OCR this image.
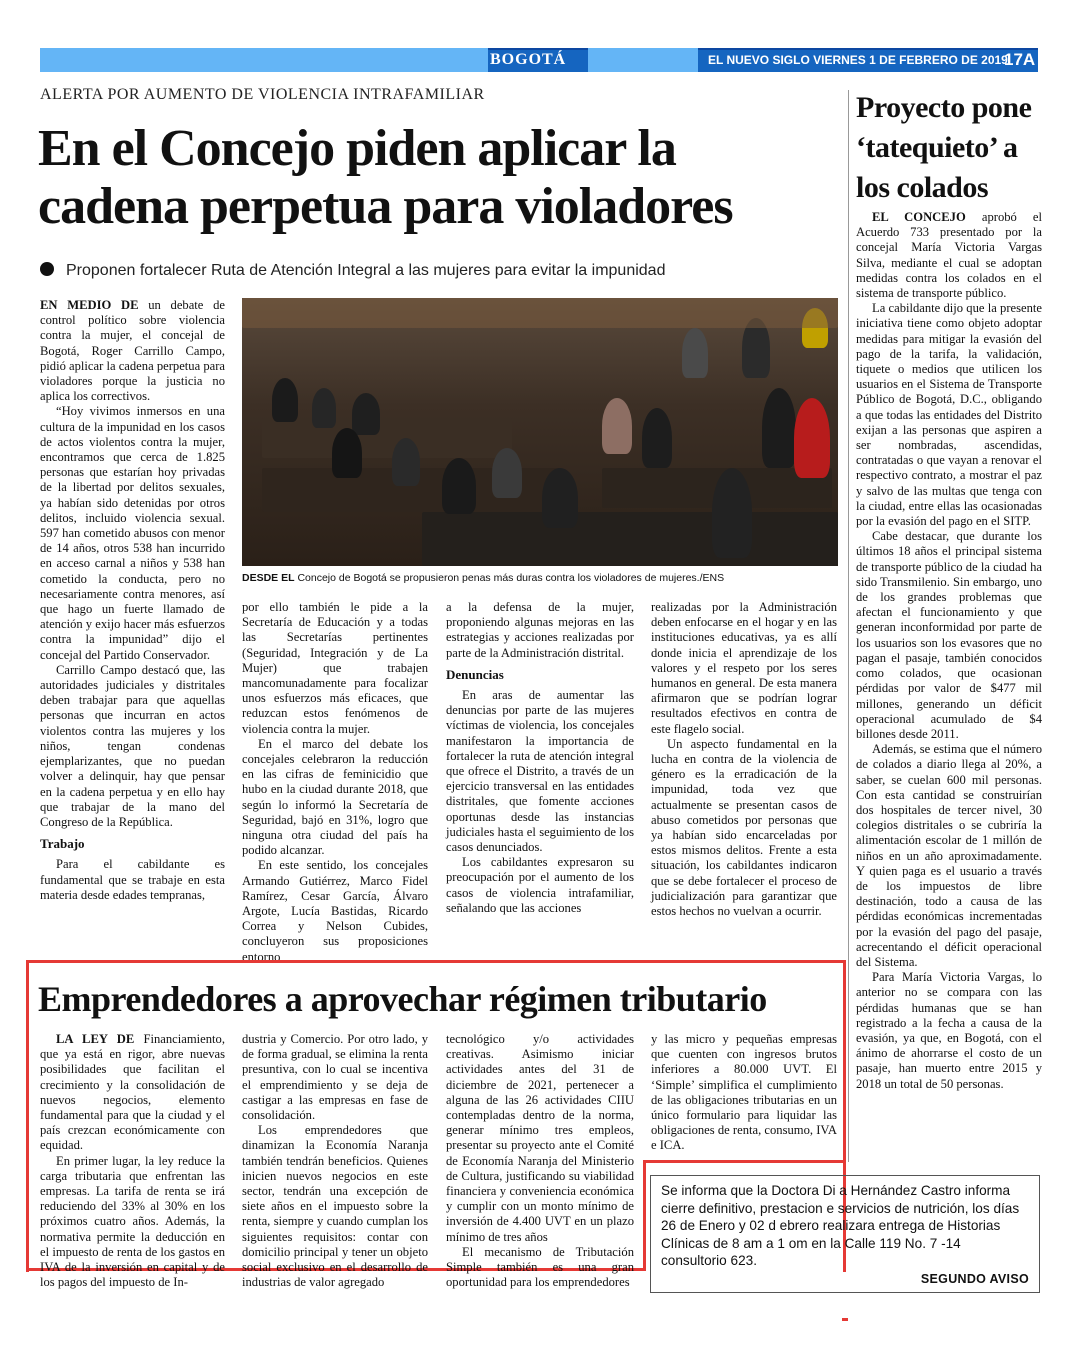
BOGOTÁ	EL NUEVO SIGLO VIERNES 1 DE FEBRERO DE 2019
17A
ALERTA POR AUMENTO DE VIOLENCIA INTRAFAMILIAR
En el Concejo piden aplicar la cadena perpetua para violadores
Proponen fortalecer Ruta de Atención Integral a las mujeres para evitar la impunidad

EN MEDIO DE un debate de control político sobre violencia contra la mujer, el concejal de Bogotá, Roger Carrillo Campo, pidió aplicar la cadena perpetua para violadores porque la justicia no aplica los correctivos.

“Hoy vivimos inmersos en una cultura de la impunidad en los casos de actos violentos contra la mujer, encontramos que cerca de 1.825 personas que estarían hoy privadas de la libertad por delitos sexuales, ya habían sido detenidas por otros delitos, incluido violencia sexual. 597 han cometido abusos con menor de 14 años, otros 538 han incurrido en acceso carnal a niños y 538 han cometido la conducta, pero no necesariamente contra menores, así que hago un fuerte llamado de atención y exijo hacer más esfuerzos contra la impunidad” dijo el concejal del Partido Conservador.

Carrillo Campo destacó que, las autoridades judiciales y distritales deben trabajar para que aquellas personas que incurran en actos violentos contra las mujeres y los niños, tengan condenas ejemplarizantes, que no puedan volver a delinquir, hay que pensar en la cadena perpetua y en ello hay que trabajar de la mano del Congreso de la República.

Trabajo

Para el cabildante es fundamental que se trabaje en esta materia desde edades tempranas,

DESDE EL Concejo de Bogotá se propusieron penas más duras contra los violadores de mujeres./ENS

por ello también le pide a la Secretaría de Educación y a todas las Secretarías pertinentes (Seguridad, Integración y de La Mujer) que trabajen mancomunadamente para focalizar unos esfuerzos más eficaces, que reduzcan estos fenómenos de violencia contra la mujer.

En el marco del debate los concejales celebraron la reducción en las cifras de feminicidio que hubo en la ciudad durante 2018, que según lo informó la Secretaría de Seguridad, bajó en 31%, logro que ninguna otra ciudad del país ha podido alcanzar.

En este sentido, los concejales Armando Gutiérrez, Marco Fidel Ramírez, Cesar García, Álvaro Argote, Lucía Bastidas, Ricardo Correa y Nelson Cubides, concluyeron sus proposiciones entorno

a la defensa de la mujer, proponiendo algunas mejoras en las estrategias y acciones realizadas por parte de la Administración distrital.

Denuncias

En aras de aumentar las denuncias por parte de las mujeres víctimas de violencia, los concejales manifestaron la importancia de fortalecer la ruta de atención integral que ofrece el Distrito, a través de un ejercicio transversal en las entidades distritales, que fomente acciones oportunas desde las instancias judiciales hasta el seguimiento de los casos denunciados.

Los cabildantes expresaron su preocupación por el aumento de los casos de violencia intrafamiliar, señalando que las acciones

realizadas por la Administración deben enfocarse en el hogar y en las instituciones educativas, ya es allí donde inicia el aprendizaje de los valores y el respeto por los seres humanos en general. De esta manera afirmaron que se podrían lograr resultados efectivos en contra de este flagelo social.

Un aspecto fundamental en la lucha en contra de la violencia de género es la erradicación de la impunidad, toda vez que actualmente se presentan casos de abuso cometidos por personas que ya habían sido encarceladas por estos mismos delitos. Frente a esta situación, los cabildantes indicaron que se debe fortalecer el proceso de judicialización para garantizar que estos hechos no vuelvan a ocurrir.

Proyecto pone ‘tatequieto’ a los colados

EL CONCEJO aprobó el Acuerdo 733 presentado por la concejal María Victoria Vargas Silva, mediante el cual se adoptan medidas contra los colados en el sistema de transporte público.

La cabildante dijo que la presente iniciativa tiene como objeto adoptar medidas para mitigar la evasión del pago de la tarifa, la validación, tiquete o medios que utilicen los usuarios en el Sistema de Transporte Público de Bogotá, D.C., obligando a que todas las entidades del Distrito exijan a las personas que aspiren a ser nombradas, ascendidas, contratadas o que vayan a renovar el respectivo contrato, a mostrar el paz y salvo de las multas que tenga con la ciudad, entre ellas las ocasionadas por la evasión del pago en el SITP.

Cabe destacar, que durante los últimos 18 años el principal sistema de transporte público de la ciudad ha sido Transmilenio. Sin embargo, uno de los grandes problemas que afectan el funcionamiento y que generan inconformidad por parte de los usuarios son los evasores que no pagan el pasaje, también conocidos como colados, que ocasionan pérdidas por valor de $477 mil millones, generando un déficit operacional acumulado de $4 billones desde 2011.

Además, se estima que el número de colados a diario llega al 20%, a saber, se cuelan 600 mil personas. Con esta cantidad se construirían dos hospitales de tercer nivel, 30 colegios distritales o se cubriría la alimentación escolar de 1 millón de niños en un año aproximadamente. Y quien paga es el usuario a través de los impuestos de libre destinación, todo a causa de las pérdidas económicas incrementadas por la evasión del pago del pasaje, acrecentando el déficit operacional del Sistema.

Para María Victoria Vargas, lo anterior no se compara con las pérdidas humanas que se han registrado a la fecha a causa de la evasión, ya que, en Bogotá, con el ánimo de ahorrarse el costo de un pasaje, han muerto entre 2015 y 2018 un total de 50 personas.

Emprendedores a aprovechar régimen tributario

LA LEY DE Financiamiento, que ya está en rigor, abre nuevas posibilidades que facilitan el crecimiento y la consolidación de nuevos negocios, elemento fundamental para que la ciudad y el país crezcan económicamente con equidad.

En primer lugar, la ley reduce la carga tributaria que enfrentan las empresas. La tarifa de renta se irá reduciendo del 33% al 30% en los próximos cuatro años. Además, la normativa permite la deducción en el impuesto de renta de los gastos en IVA de la inversión en capital y de los pagos del impuesto de In-

dustria y Comercio. Por otro lado, y de forma gradual, se elimina la renta presuntiva, con lo cual se incentiva el emprendimiento y se deja de castigar a las empresas en fase de consolidación.

Los emprendedores que dinamizan la Economía Naranja también tendrán beneficios. Quienes inicien nuevos negocios en este sector, tendrán una excepción de siete años en el impuesto sobre la renta, siempre y cuando cumplan los siguientes requisitos: contar con domicilio principal y tener un objeto social exclusivo en el desarrollo de industrias de valor agregado

tecnológico y/o actividades creativas. Asimismo iniciar actividades antes del 31 de diciembre de 2021, pertenecer a alguna de las 26 actividades CIIU contempladas dentro de la norma, generar mínimo tres empleos, presentar su proyecto ante el Comité de Economía Naranja del Ministerio de Cultura, justificando su viabilidad financiera y conveniencia económica y cumplir con un monto mínimo de inversión de 4.400 UVT en un plazo mínimo de tres años

El mecanismo de Tributación Simple también es una gran oportunidad para los emprendedores

y las micro y pequeñas empresas que cuenten con ingresos brutos inferiores a 80.000 UVT. El ‘Simple’ simplifica el cumplimiento de las obligaciones tributarias en un único formulario para liquidar las obligaciones de renta, consumo, IVA e ICA.

Se informa que la Doctora Di a Hernández Castro informa cierre definitivo, prestacion e servicios de nutrición, los días 26 de Enero y 02 d ebrero realizara entrega de Historias Clínicas de 8 am a 1 om en la Calle 119 No. 7 -14 consultorio 623.
SEGUNDO AVISO
